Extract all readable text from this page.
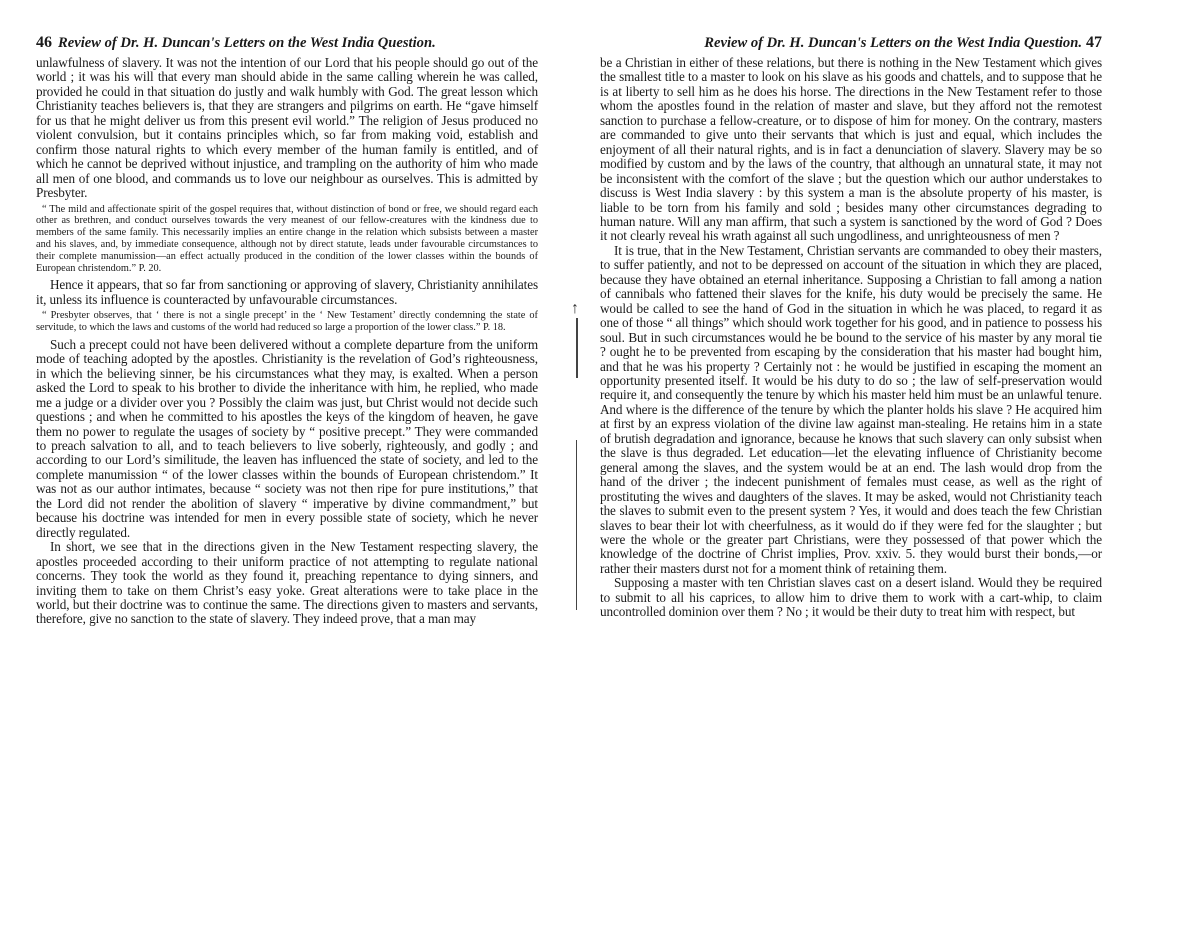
46 Review of Dr. H. Duncan's Letters on the West India Question.

unlawfulness of slavery. It was not the intention of our Lord that his people should go out of the world ; it was his will that every man should abide in the same calling wherein he was called, provided he could in that situation do justly and walk humbly with God. The great lesson which Christianity teaches believers is, that they are strangers and pilgrims on earth. He “gave himself for us that he might deliver us from this present evil world.” The religion of Jesus produced no violent convulsion, but it contains principles which, so far from making void, establish and confirm those natural rights to which every member of the human family is entitled, and of which he cannot be deprived without injustice, and trampling on the authority of him who made all men of one blood, and commands us to love our neighbour as ourselves. This is admitted by Presbyter.

“ The mild and affectionate spirit of the gospel requires that, without distinction of bond or free, we should regard each other as brethren, and conduct ourselves towards the very meanest of our fellow-creatures with the kindness due to members of the same family. This necessarily implies an entire change in the relation which subsists between a master and his slaves, and, by immediate consequence, although not by direct statute, leads under favourable circumstances to their complete manumission—an effect actually produced in the condition of the lower classes within the bounds of European christendom.” P. 20.

Hence it appears, that so far from sanctioning or approving of slavery, Christianity annihilates it, unless its influence is counteracted by unfavourable circumstances.

“ Presbyter observes, that ‘ there is not a single precept’ in the ‘ New Testament’ directly condemning the state of servitude, to which the laws and customs of the world had reduced so large a proportion of the lower class.” P. 18.

Such a precept could not have been delivered without a complete departure from the uniform mode of teaching adopted by the apostles. Christianity is the revelation of God’s righteousness, in which the believing sinner, be his circumstances what they may, is exalted. When a person asked the Lord to speak to his brother to divide the inheritance with him, he replied, who made me a judge or a divider over you ? Possibly the claim was just, but Christ would not decide such questions ; and when he committed to his apostles the keys of the kingdom of heaven, he gave them no power to regulate the usages of society by “ positive precept.” They were commanded to preach salvation to all, and to teach believers to live soberly, righteously, and godly ; and according to our Lord’s similitude, the leaven has influenced the state of society, and led to the complete manumission “ of the lower classes within the bounds of European christendom.” It was not as our author intimates, because “ society was not then ripe for pure institutions,” that the Lord did not render the abolition of slavery “ imperative by divine commandment,” but because his doctrine was intended for men in every possible state of society, which he never directly regulated.

In short, we see that in the directions given in the New Testament respecting slavery, the apostles proceeded according to their uniform practice of not attempting to regulate national concerns. They took the world as they found it, preaching repentance to dying sinners, and inviting them to take on them Christ’s easy yoke. Great alterations were to take place in the world, but their doctrine was to continue the same. The directions given to masters and servants, therefore, give no sanction to the state of slavery. They indeed prove, that a man may

↑
Review of Dr. H. Duncan's Letters on the West India Question. 47

be a Christian in either of these relations, but there is nothing in the New Testament which gives the smallest title to a master to look on his slave as his goods and chattels, and to suppose that he is at liberty to sell him as he does his horse. The directions in the New Testament refer to those whom the apostles found in the relation of master and slave, but they afford not the remotest sanction to purchase a fellow-creature, or to dispose of him for money. On the contrary, masters are commanded to give unto their servants that which is just and equal, which includes the enjoyment of all their natural rights, and is in fact a denunciation of slavery. Slavery may be so modified by custom and by the laws of the country, that although an unnatural state, it may not be inconsistent with the comfort of the slave ; but the question which our author understakes to discuss is West India slavery : by this system a man is the absolute property of his master, is liable to be torn from his family and sold ; besides many other circumstances degrading to human nature. Will any man affirm, that such a system is sanctioned by the word of God ? Does it not clearly reveal his wrath against all such ungodliness, and unrighteousness of men ?

It is true, that in the New Testament, Christian servants are commanded to obey their masters, to suffer patiently, and not to be depressed on account of the situation in which they are placed, because they have obtained an eternal inheritance. Supposing a Christian to fall among a nation of cannibals who fattened their slaves for the knife, his duty would be precisely the same. He would be called to see the hand of God in the situation in which he was placed, to regard it as one of those “ all things” which should work together for his good, and in patience to possess his soul. But in such circumstances would he be bound to the service of his master by any moral tie ? ought he to be prevented from escaping by the consideration that his master had bought him, and that he was his property ? Certainly not : he would be justified in escaping the moment an opportunity presented itself. It would be his duty to do so ; the law of self-preservation would require it, and consequently the tenure by which his master held him must be an unlawful tenure. And where is the difference of the tenure by which the planter holds his slave ? He acquired him at first by an express violation of the divine law against man-stealing. He retains him in a state of brutish degradation and ignorance, because he knows that such slavery can only subsist when the slave is thus degraded. Let education—let the elevating influence of Christianity become general among the slaves, and the system would be at an end. The lash would drop from the hand of the driver ; the indecent punishment of females must cease, as well as the right of prostituting the wives and daughters of the slaves. It may be asked, would not Christianity teach the slaves to submit even to the present system ? Yes, it would and does teach the few Christian slaves to bear their lot with cheerfulness, as it would do if they were fed for the slaughter ; but were the whole or the greater part Christians, were they possessed of that power which the knowledge of the doctrine of Christ implies, Prov. xxiv. 5. they would burst their bonds,—or rather their masters durst not for a moment think of retaining them.

Supposing a master with ten Christian slaves cast on a desert island. Would they be required to submit to all his caprices, to allow him to drive them to work with a cart-whip, to claim uncontrolled dominion over them ? No ; it would be their duty to treat him with respect, but
